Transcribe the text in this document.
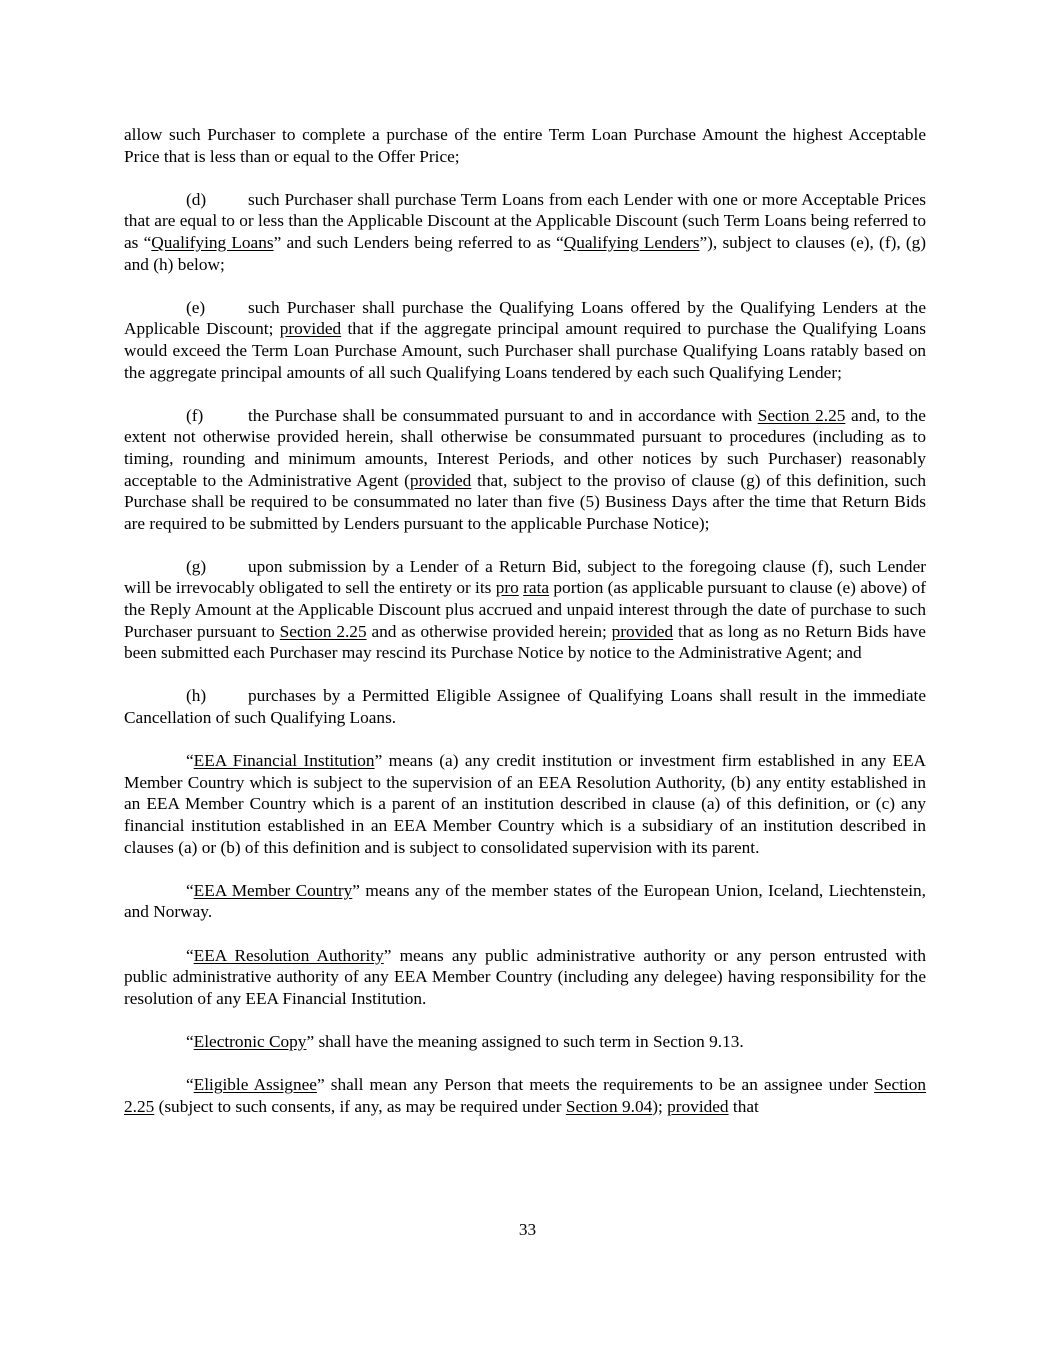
allow such Purchaser to complete a purchase of the entire Term Loan Purchase Amount the highest Acceptable Price that is less than or equal to the Offer Price;

(d) such Purchaser shall purchase Term Loans from each Lender with one or more Acceptable Prices that are equal to or less than the Applicable Discount at the Applicable Discount (such Term Loans being referred to as “Qualifying Loans” and such Lenders being referred to as “Qualifying Lenders”), subject to clauses (e), (f), (g) and (h) below;

(e) such Purchaser shall purchase the Qualifying Loans offered by the Qualifying Lenders at the Applicable Discount; provided that if the aggregate principal amount required to purchase the Qualifying Loans would exceed the Term Loan Purchase Amount, such Purchaser shall purchase Qualifying Loans ratably based on the aggregate principal amounts of all such Qualifying Loans tendered by each such Qualifying Lender;

(f)	the Purchase shall be consummated pursuant to and in accordance with Section 2.25 and, to the extent not otherwise provided herein, shall otherwise be consummated pursuant to procedures (including as to timing, rounding and minimum amounts, Interest Periods, and other notices by such Purchaser) reasonably acceptable to the Administrative Agent (provided that, subject to the proviso of clause (g) of this definition, such Purchase shall be required to be consummated no later than five (5) Business Days after the time that Return Bids are required to be submitted by Lenders pursuant to the applicable Purchase Notice);

(g) upon submission by a Lender of a Return Bid, subject to the foregoing clause (f), such Lender will be irrevocably obligated to sell the entirety or its pro rata portion (as applicable pursuant to clause (e) above) of the Reply Amount at the Applicable Discount plus accrued and unpaid interest through the date of purchase to such Purchaser pursuant to Section 2.25 and as otherwise provided herein; provided that as long as no Return Bids have been submitted each Purchaser may rescind its Purchase Notice by notice to the Administrative Agent; and

(h) purchases by a Permitted Eligible Assignee of Qualifying Loans shall result in the immediate Cancellation of such Qualifying Loans.

“EEA Financial Institution” means (a) any credit institution or investment firm established in any EEA Member Country which is subject to the supervision of an EEA Resolution Authority, (b) any entity established in an EEA Member Country which is a parent of an institution described in clause (a) of this definition, or (c) any financial institution established in an EEA Member Country which is a subsidiary of an institution described in clauses (a) or (b) of this definition and is subject to consolidated supervision with its parent.

“EEA Member Country” means any of the member states of the European Union, Iceland, Liechtenstein, and Norway.

“EEA Resolution Authority” means any public administrative authority or any person entrusted with public administrative authority of any EEA Member Country (including any delegee) having responsibility for the resolution of any EEA Financial Institution.

“Electronic Copy” shall have the meaning assigned to such term in Section 9.13.

“Eligible Assignee” shall mean any Person that meets the requirements to be an assignee under Section 2.25 (subject to such consents, if any, as may be required under Section 9.04); provided that

33
